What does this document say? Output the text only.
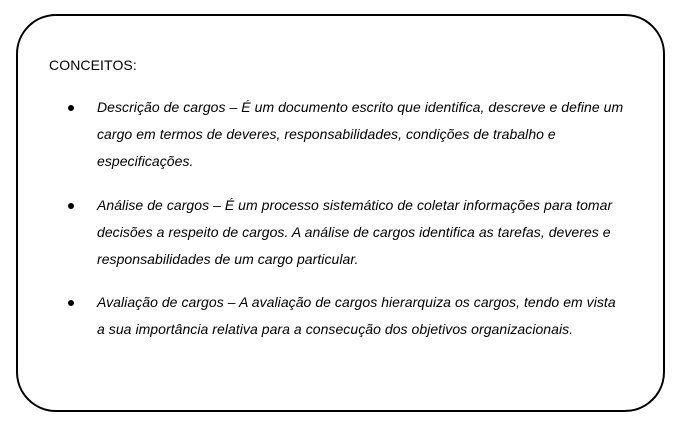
CONCEITOS:
Descrição de cargos – É um documento escrito que identifica, descreve e define um cargo em termos de deveres, responsabilidades, condições de trabalho e especificações.
Análise de cargos – É um processo sistemático de coletar informações para tomar decisões a respeito de cargos. A análise de cargos identifica as tarefas, deveres e responsabilidades de um cargo particular.
Avaliação de cargos – A avaliação de cargos hierarquiza os cargos, tendo em vista a sua importância relativa para a consecução dos objetivos organizacionais.
